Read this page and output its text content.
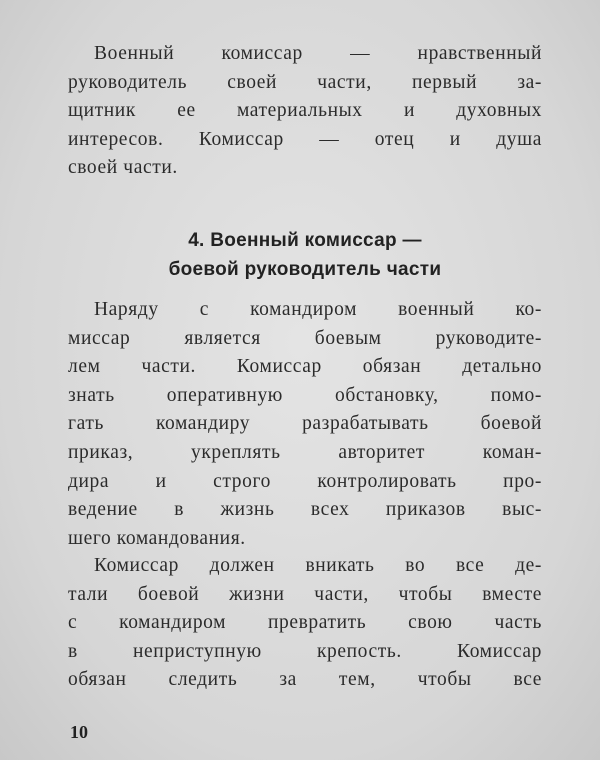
Военный комиссар — нравственный
руководитель своей части, первый за-
щитник ее материальных и духовных
интересов. Комиссар — отец и душа
своей части.
4. Военный комиссар —
боевой руководитель части
Наряду с командиром военный ко-
миссар является боевым руководите-
лем части. Комиссар обязан детально
знать оперативную обстановку, помо-
гать командиру разрабатывать боевой
приказ, укреплять авторитет коман-
дира и строго контролировать про-
ведение в жизнь всех приказов выс-
шего командования.
Комиссар должен вникать во все де-
тали боевой жизни части, чтобы вместе
с командиром превратить свою часть
в неприступную крепость. Комиссар
обязан следить за тем, чтобы все
10
